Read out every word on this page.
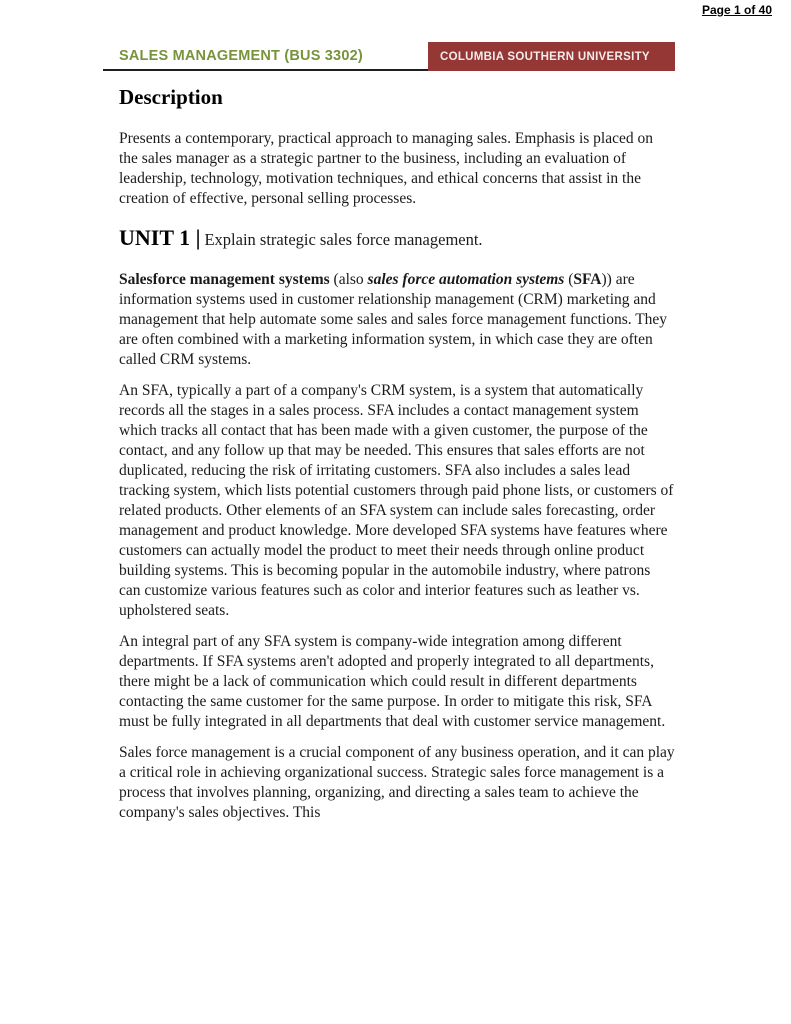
Page 1 of 40
SALES MANAGEMENT (BUS 3302)	COLUMBIA SOUTHERN UNIVERSITY
Description

Presents a contemporary, practical approach to managing sales. Emphasis is placed on the sales manager as a strategic partner to the business, including an evaluation of leadership, technology, motivation techniques, and ethical concerns that assist in the creation of effective, personal selling processes.

UNIT 1 | Explain strategic sales force management.

Salesforce management systems (also sales force automation systems (SFA)) are information systems used in customer relationship management (CRM) marketing and management that help automate some sales and sales force management functions. They are often combined with a marketing information system, in which case they are often called CRM systems.

An SFA, typically a part of a company's CRM system, is a system that automatically records all the stages in a sales process. SFA includes a contact management system which tracks all contact that has been made with a given customer, the purpose of the contact, and any follow up that may be needed. This ensures that sales efforts are not duplicated, reducing the risk of irritating customers. SFA also includes a sales lead tracking system, which lists potential customers through paid phone lists, or customers of related products. Other elements of an SFA system can include sales forecasting, order management and product knowledge. More developed SFA systems have features where customers can actually model the product to meet their needs through online product building systems. This is becoming popular in the automobile industry, where patrons can customize various features such as color and interior features such as leather vs. upholstered seats.

An integral part of any SFA system is company-wide integration among different departments. If SFA systems aren't adopted and properly integrated to all departments, there might be a lack of communication which could result in different departments contacting the same customer for the same purpose. In order to mitigate this risk, SFA must be fully integrated in all departments that deal with customer service management.

Sales force management is a crucial component of any business operation, and it can play a critical role in achieving organizational success. Strategic sales force management is a process that involves planning, organizing, and directing a sales team to achieve the company's sales objectives. This
